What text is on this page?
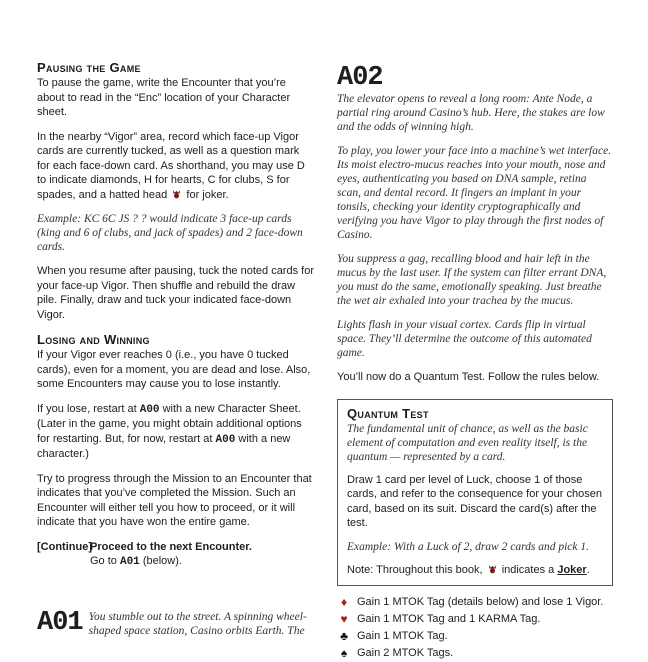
Pausing the Game

To pause the game, write the Encounter that you’re about to read in the “Enc” location of your Character sheet.

In the nearby “Vigor” area, record which face-up Vigor cards are currently tucked, as well as a question mark for each face-down card. As shorthand, you may use D to indicate diamonds, H for hearts, C for clubs, S for spades, and a hatted head for joker.

Example: KC 6C JS ? ? would indicate 3 face-up cards (king and 6 of clubs, and jack of spades) and 2 face-down cards.

When you resume after pausing, tuck the noted cards for your face-up Vigor. Then shuffle and rebuild the draw pile. Finally, draw and tuck your indicated face-down Vigor.

Losing and Winning

If your Vigor ever reaches 0 (i.e., you have 0 tucked cards), even for a moment, you are dead and lose. Also, some Encounters may cause you to lose instantly.

If you lose, restart at A00 with a new Character Sheet. (Later in the game, you might obtain additional options for restarting. But, for now, restart at A00 with a new character.)

Try to progress through the Mission to an Encounter that indicates that you’ve completed the Mission. Such an Encounter will either tell you how to proceed, or it will indicate that you have won the entire game.

[Continue]
Proceed to the next Encounter.
Go to A01 (below).
A01 You stumble out to the street. A spinning wheel-shaped space station, Casino orbits Earth. The
A02

The elevator opens to reveal a long room: Ante Node, a partial ring around Casino’s hub. Here, the stakes are low and the odds of winning high.

To play, you lower your face into a machine’s wet interface. Its moist electro-mucus reaches into your mouth, nose and eyes, authenticating you based on DNA sample, retina scan, and dental record. It fingers an implant in your tonsils, checking your identity cryptographically and verifying you have Vigor to play through the first nodes of Casino.

You suppress a gag, recalling blood and hair left in the mucus by the last user. If the system can filter errant DNA, you must do the same, emotionally speaking. Just breathe the wet air exhaled into your trachea by the mucus.

Lights flash in your visual cortex. Cards flip in virtual space. They’ll determine the outcome of this automated game.

You’ll now do a Quantum Test. Follow the rules below.

Quantum Test

The fundamental unit of chance, as well as the basic element of computation and even reality itself, is the quantum — represented by a card.

Draw 1 card per level of Luck, choose 1 of those cards, and refer to the consequence for your chosen card, based on its suit. Discard the card(s) after the test.

Example: With a Luck of 2, draw 2 cards and pick 1.

Note: Throughout this book, indicates a Joker.

♦ Gain 1 MTOK Tag (details below) and lose 1 Vigor.
♥ Gain 1 MTOK Tag and 1 KARMA Tag.
♣ Gain 1 MTOK Tag.
♠ Gain 2 MTOK Tags.
